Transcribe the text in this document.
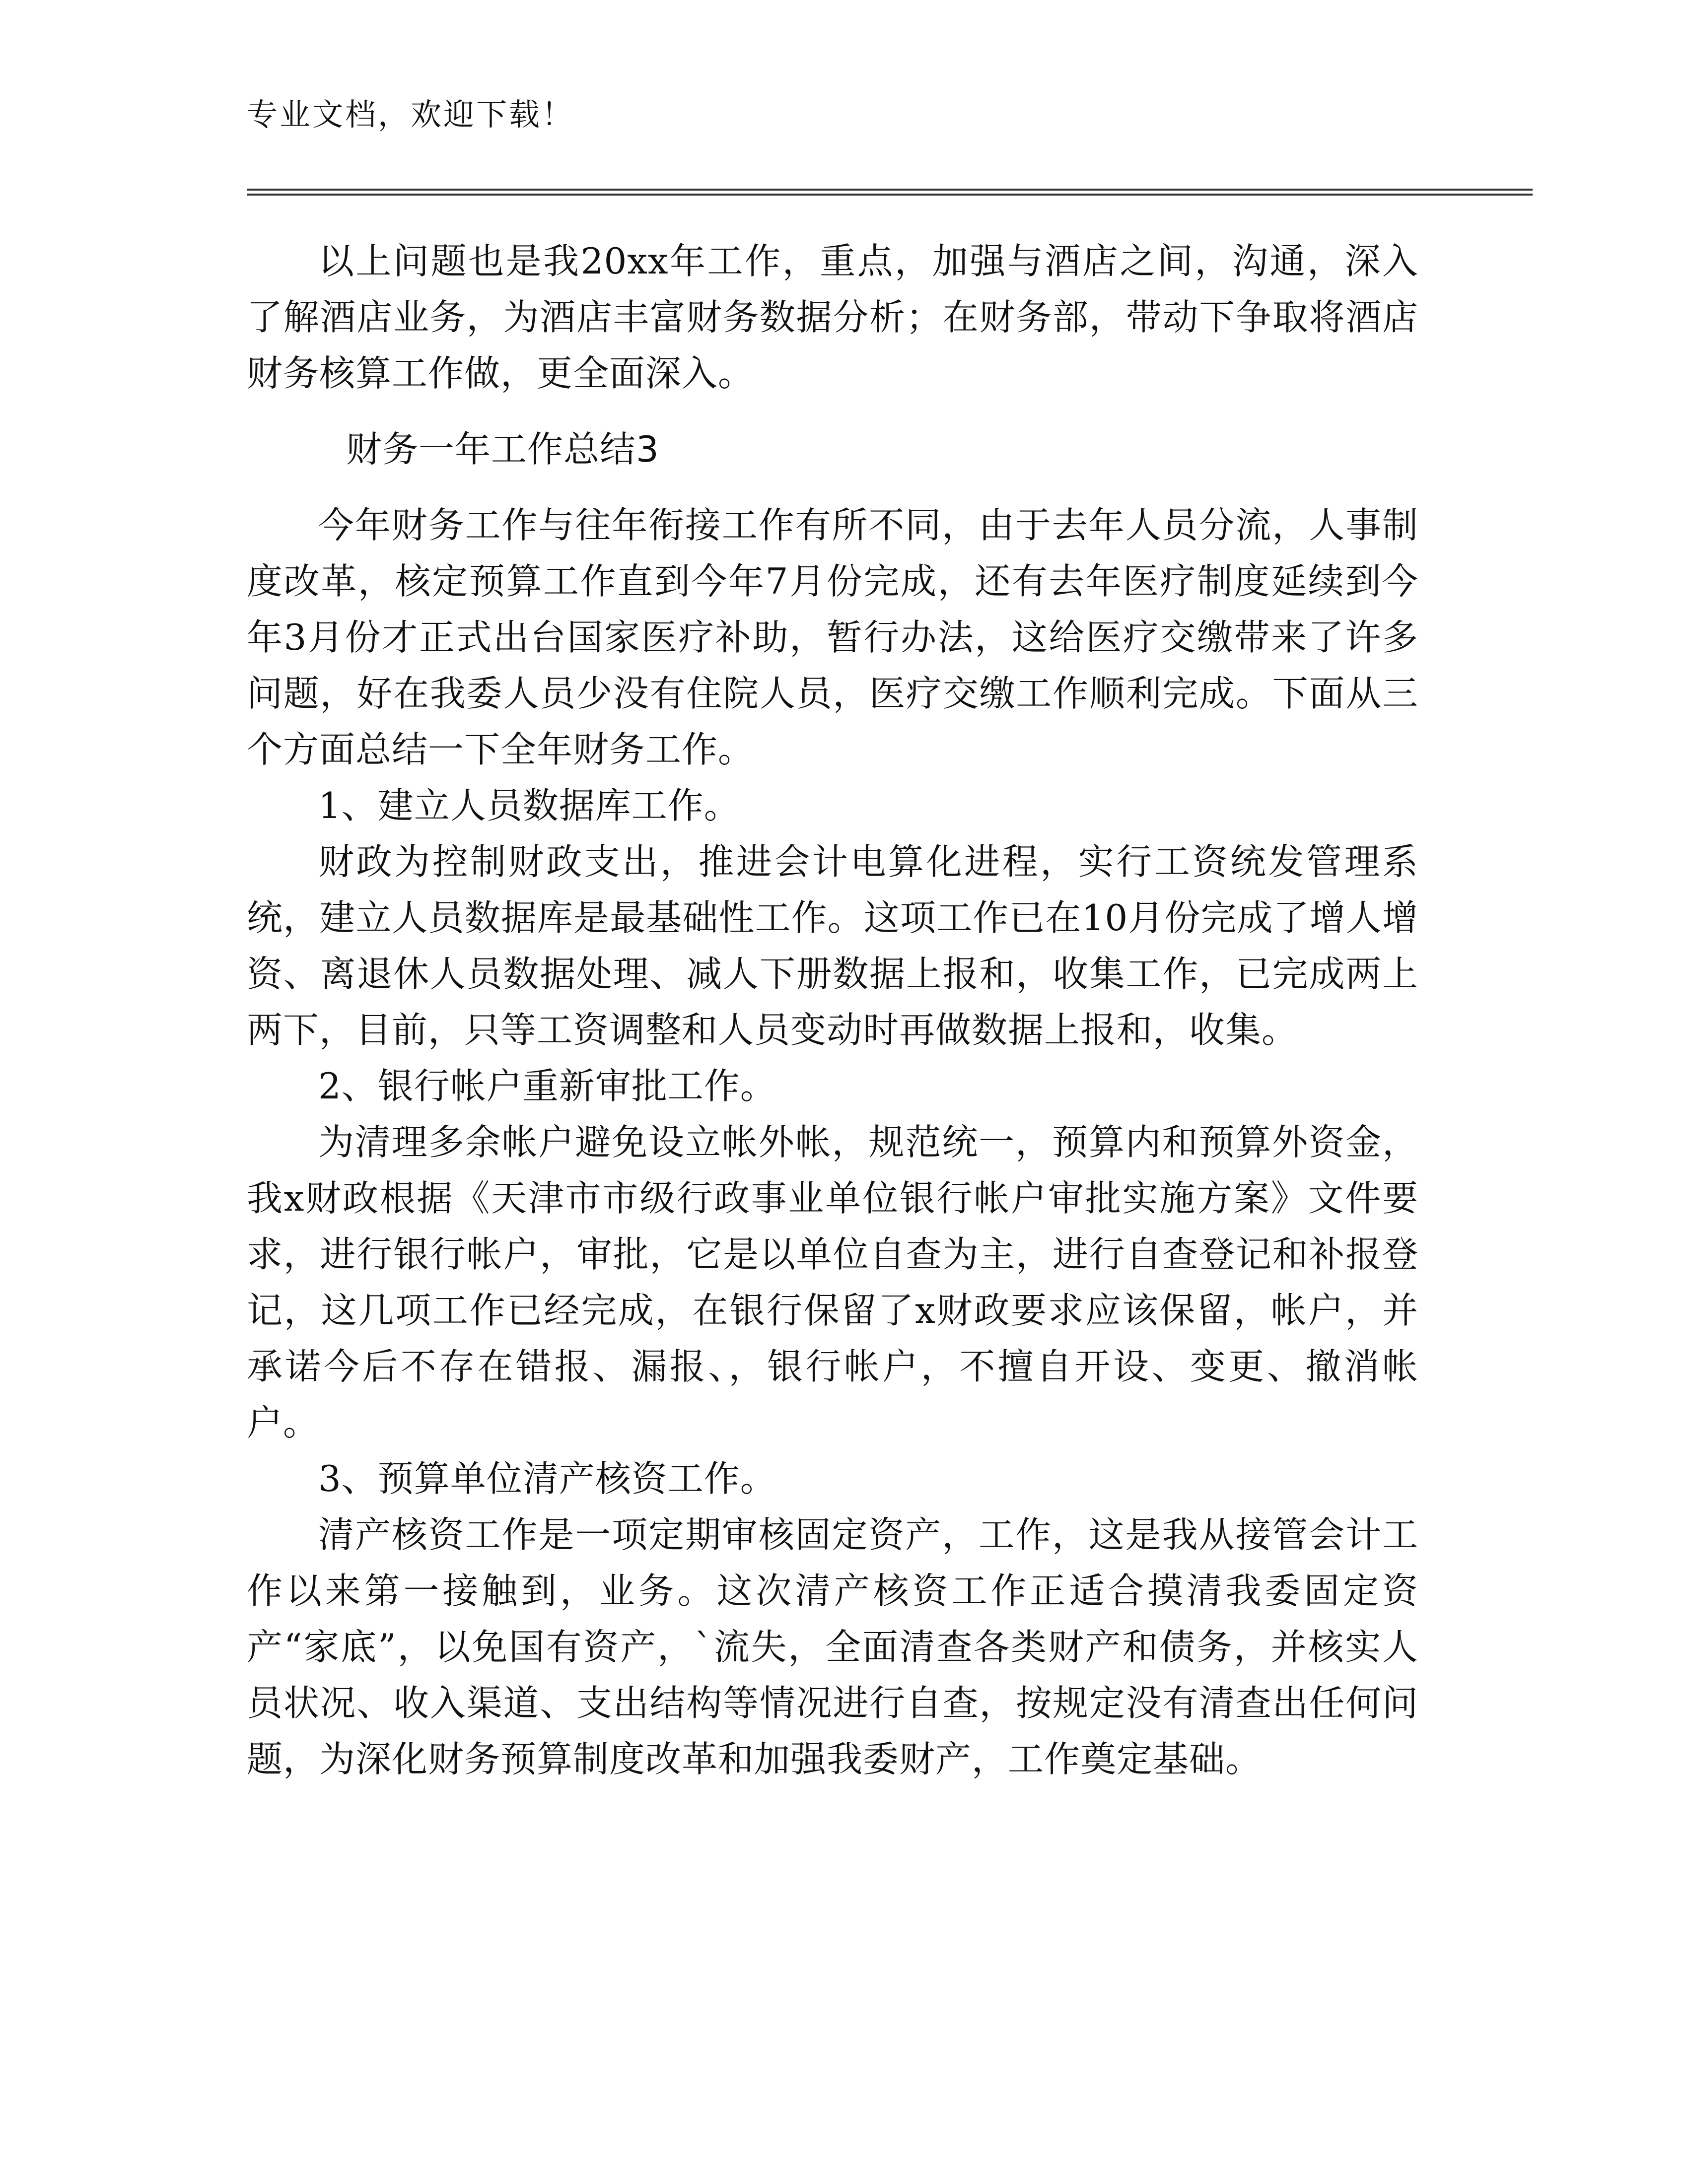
专业文档，欢迎下载！

以上问题也是我20xx年工作，重点，加强与酒店之间，沟通，深入了解酒店业务，为酒店丰富财务数据分析；在财务部，带动下争取将酒店财务核算工作做，更全面深入。

财务一年工作总结3

今年财务工作与往年衔接工作有所不同，由于去年人员分流，人事制度改革，核定预算工作直到今年7月份完成，还有去年医疗制度延续到今年3月份才正式出台国家医疗补助，暂行办法，这给医疗交缴带来了许多问题，好在我委人员少没有住院人员，医疗交缴工作顺利完成。下面从三个方面总结一下全年财务工作。

1、建立人员数据库工作。

财政为控制财政支出，推进会计电算化进程，实行工资统发管理系统，建立人员数据库是最基础性工作。这项工作已在10月份完成了增人增资、离退休人员数据处理、减人下册数据上报和，收集工作，已完成两上两下，目前，只等工资调整和人员变动时再做数据上报和，收集。

2、银行帐户重新审批工作。

为清理多余帐户避免设立帐外帐，规范统一，预算内和预算外资金，我x财政根据《天津市市级行政事业单位银行帐户审批实施方案》文件要求，进行银行帐户，审批，它是以单位自查为主，进行自查登记和补报登记，这几项工作已经完成，在银行保留了x财政要求应该保留，帐户，并承诺今后不存在错报、漏报、，银行帐户，不擅自开设、变更、撤消帐户。

3、预算单位清产核资工作。

清产核资工作是一项定期审核固定资产，工作，这是我从接管会计工作以来第一接触到，业务。这次清产核资工作正适合摸清我委固定资产“家底”，以免国有资产，`流失，全面清查各类财产和债务，并核实人员状况、收入渠道、支出结构等情况进行自查，按规定没有清查出任何问题，为深化财务预算制度改革和加强我委财产，工作奠定基础。
